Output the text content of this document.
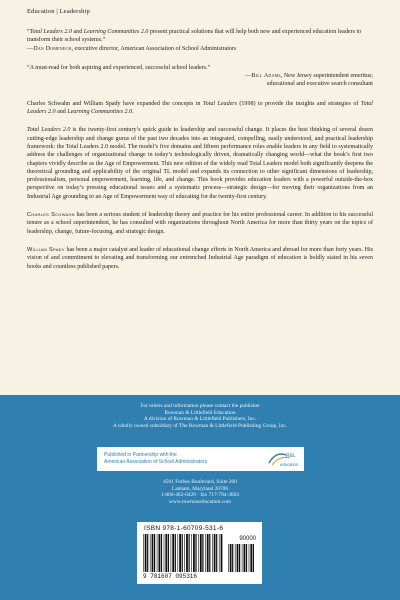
Education | Leadership
“Total Leaders 2.0 and Learning Communities 2.0 present practical solutions that will help both new and experienced education leaders to transform their school systems.”
—Dan Domenech, executive director, American Association of School Administrators
“A must-read for both aspiring and experienced, successful school leaders.”
—Bill Adams, New Jersey superintendent emeritus;
educational and executive search consultant

Charles Schwahn and William Spady have expanded the concepts in Total Leaders (1998) to provide the insights and strategies of Total Leaders 2.0 and Learning Communities 2.0.

Total Leaders 2.0 is the twenty-first century’s quick guide to leadership and successful change. It places the best thinking of several dozen cutting-edge leadership and change gurus of the past two decades into an integrated, compelling, easily understood, and practical leadership framework: the Total Leaders 2.0 model. The model’s five domains and fifteen performance roles enable leaders in any field to systematically address the challenges of organizational change in today’s technologically driven, dramatically changing world—what the book’s first two chapters vividly describe as the Age of Empowerment. This new edition of the widely read Total Leaders model both significantly deepens the theoretical grounding and applicability of the original TL model and expands its connection to other significant dimensions of leadership, professionalism, personal empowerment, learning, life, and change. This book provides education leaders with a powerful outside-the-box perspective on today’s pressing educational issues and a systematic process—strategic design—for moving their organizations from an Industrial Age grounding to an Age of Empowerment way of educating for the twenty-first century.

Charles Schwahn has been a serious student of leadership theory and practice for his entire professional career. In addition to his successful tenure as a school superintendent, he has consulted with organizations throughout North America for more than thirty years on the topics of leadership, change, future-focusing, and strategic design.

William Spady has been a major catalyst and leader of educational change efforts in North America and abroad for more than forty years. His vision of and commitment to elevating and transforming our entrenched Industrial Age paradigm of education is boldly stated in his seven books and countless published papers.

For orders and information please contact the publisher
Rowman & Littlefield Education
A division of Rowman & Littlefield Publishers, Inc.
A wholly owned subsidiary of The Rowman & Littlefield Publishing Group, Inc.
Published in Partnership with the
American Association of School Administrators
R&L
education
4501 Forbes Boulevard, Suite 200
Lanham, Maryland 20706
1-800-462-6420 · fax 717-794-3803
www.rowmaneducation.com
ISBN 978-1-60709-531-6
90000
9 781607 095316
